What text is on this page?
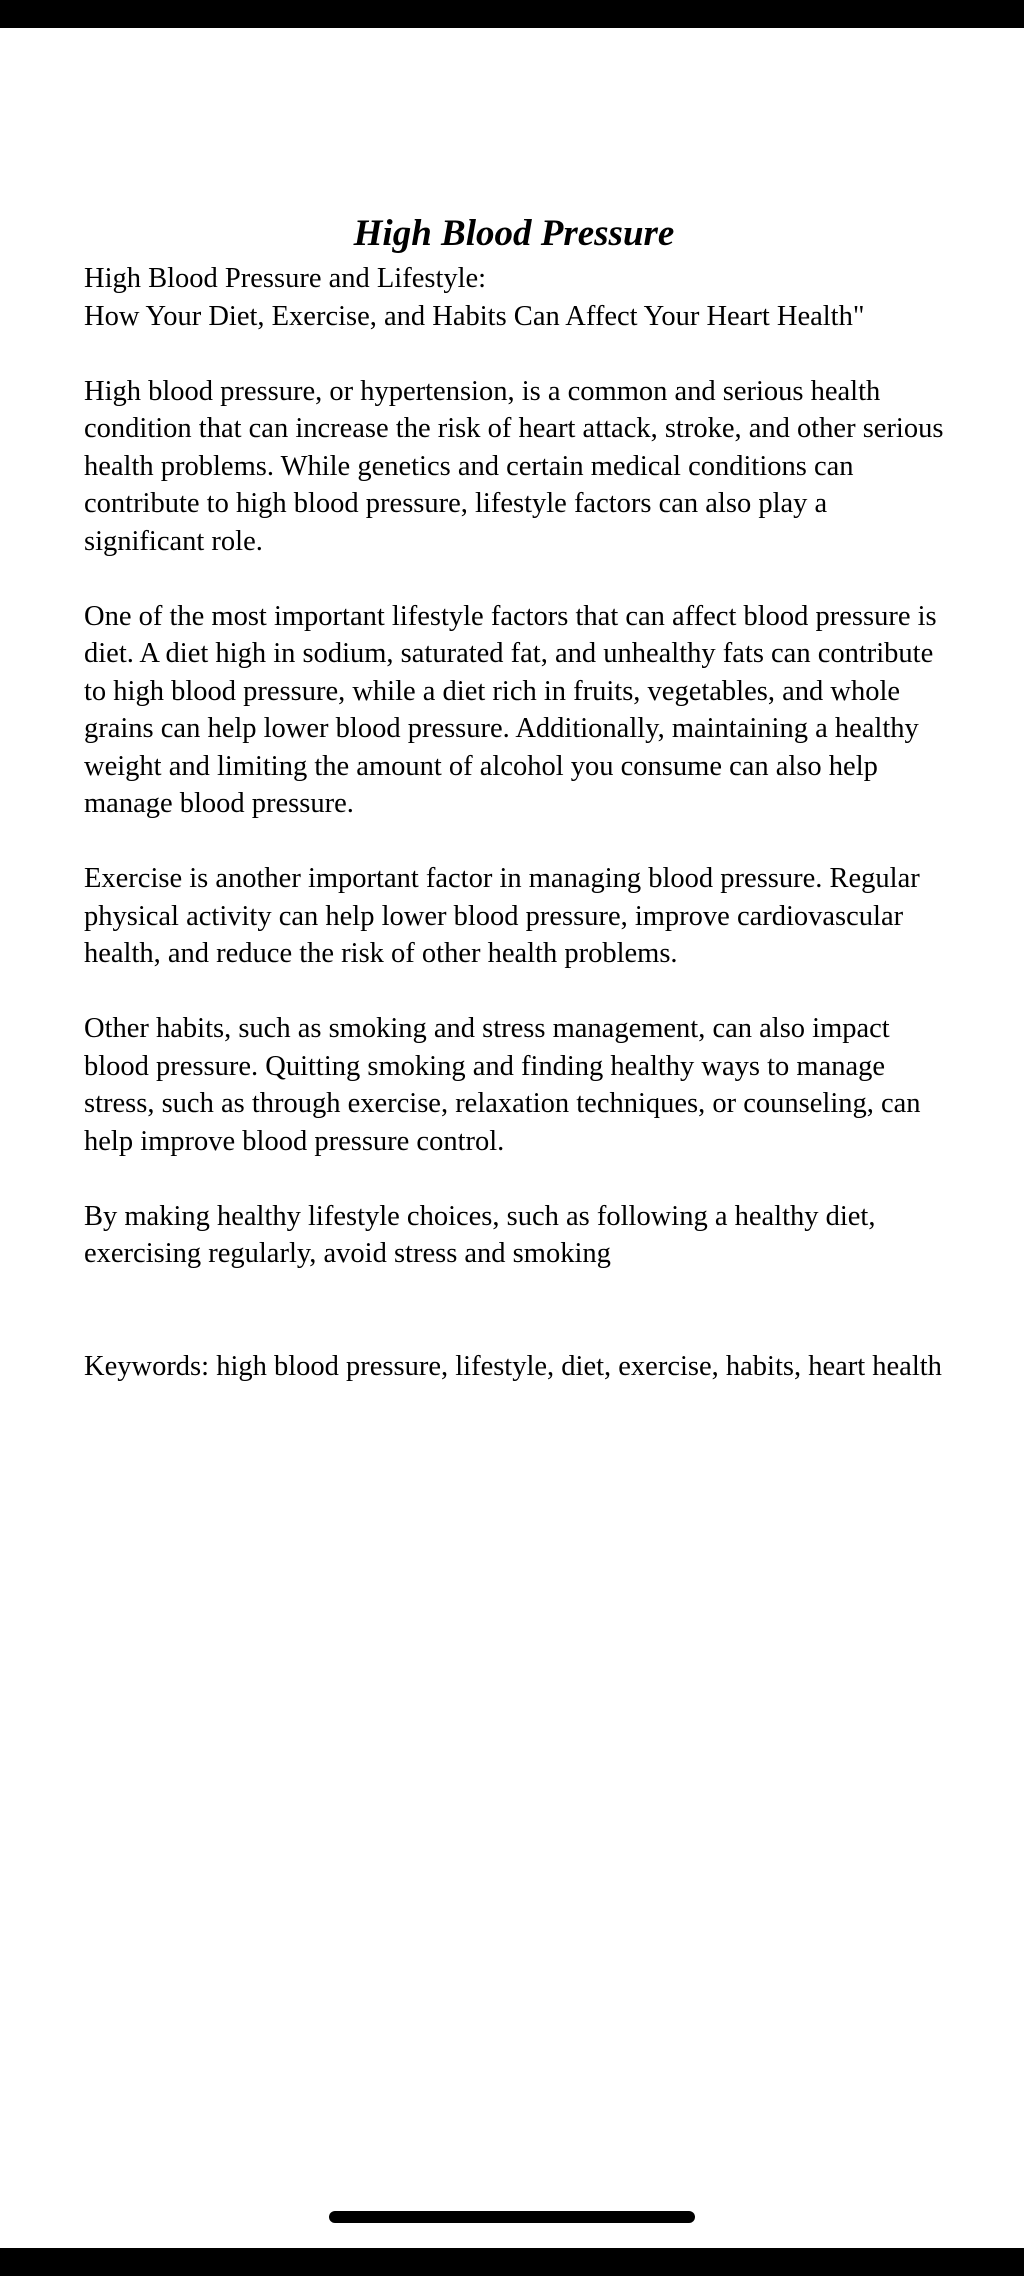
High Blood Pressure

High Blood Pressure and Lifestyle:

How Your Diet, Exercise, and Habits Can Affect Your Heart Health"

High blood pressure, or hypertension, is a common and serious health condition that can increase the risk of heart attack, stroke, and other serious health problems. While genetics and certain medical conditions can contribute to high blood pressure, lifestyle factors can also play a significant role.

One of the most important lifestyle factors that can affect blood pressure is diet. A diet high in sodium, saturated fat, and unhealthy fats can contribute to high blood pressure, while a diet rich in fruits, vegetables, and whole grains can help lower blood pressure. Additionally, maintaining a healthy weight and limiting the amount of alcohol you consume can also help manage blood pressure.

Exercise is another important factor in managing blood pressure. Regular physical activity can help lower blood pressure, improve cardiovascular health, and reduce the risk of other health problems.

Other habits, such as smoking and stress management, can also impact blood pressure. Quitting smoking and finding healthy ways to manage stress, such as through exercise, relaxation techniques, or counseling, can help improve blood pressure control.

By making healthy lifestyle choices, such as following a healthy diet, exercising regularly, avoid stress and smoking

Keywords: high blood pressure, lifestyle, diet, exercise, habits, heart health
